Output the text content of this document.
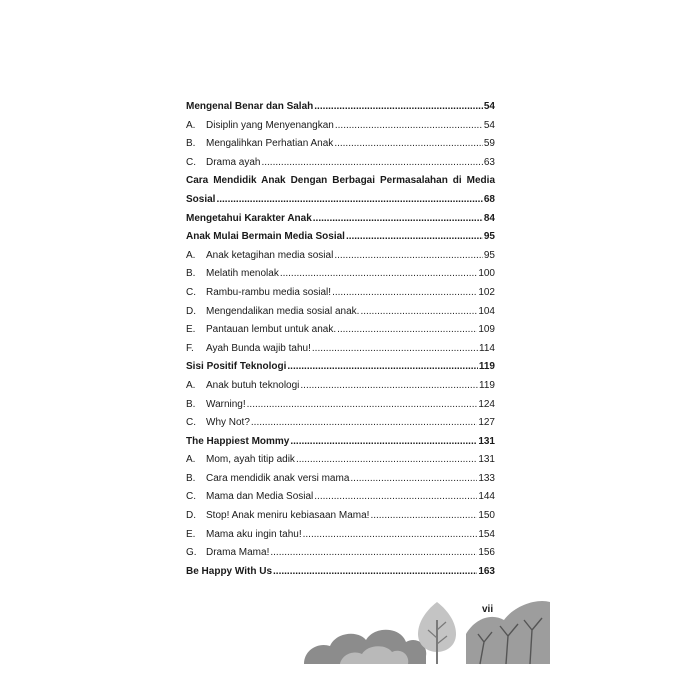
Mengenal Benar dan Salah .....	54
A.	Disiplin yang Menyenangkan .....	54
B.	Mengalihkan Perhatian Anak .....	59
C.	Drama ayah .....	63
Cara Mendidik Anak Dengan Berbagai Permasalahan di Media
Sosial .....	68
Mengetahui Karakter Anak .....	84
Anak Mulai Bermain Media Sosial .....	95
A.	Anak ketagihan media sosial .....	95
B.	Melatih menolak .....	100
C.	Rambu-rambu media sosial! .....	102
D.	Mengendalikan media sosial anak. .....	104
E.	Pantauan lembut untuk anak. .....	109
F.	Ayah Bunda wajib tahu! .....	114
Sisi Positif Teknologi .....	119
A.	Anak butuh teknologi .....	119
B.	Warning! .....	124
C.	Why Not? .....	127
The Happiest Mommy .....	131
A.	Mom, ayah titip adik .....	131
B.	Cara mendidik anak versi mama .....	133
C.	Mama dan Media Sosial .....	144
D.	Stop! Anak meniru kebiasaan Mama! .....	150
E.	Mama aku ingin tahu! .....	154
G. Drama Mama! .....	156
Be Happy With Us .....	163
vii
